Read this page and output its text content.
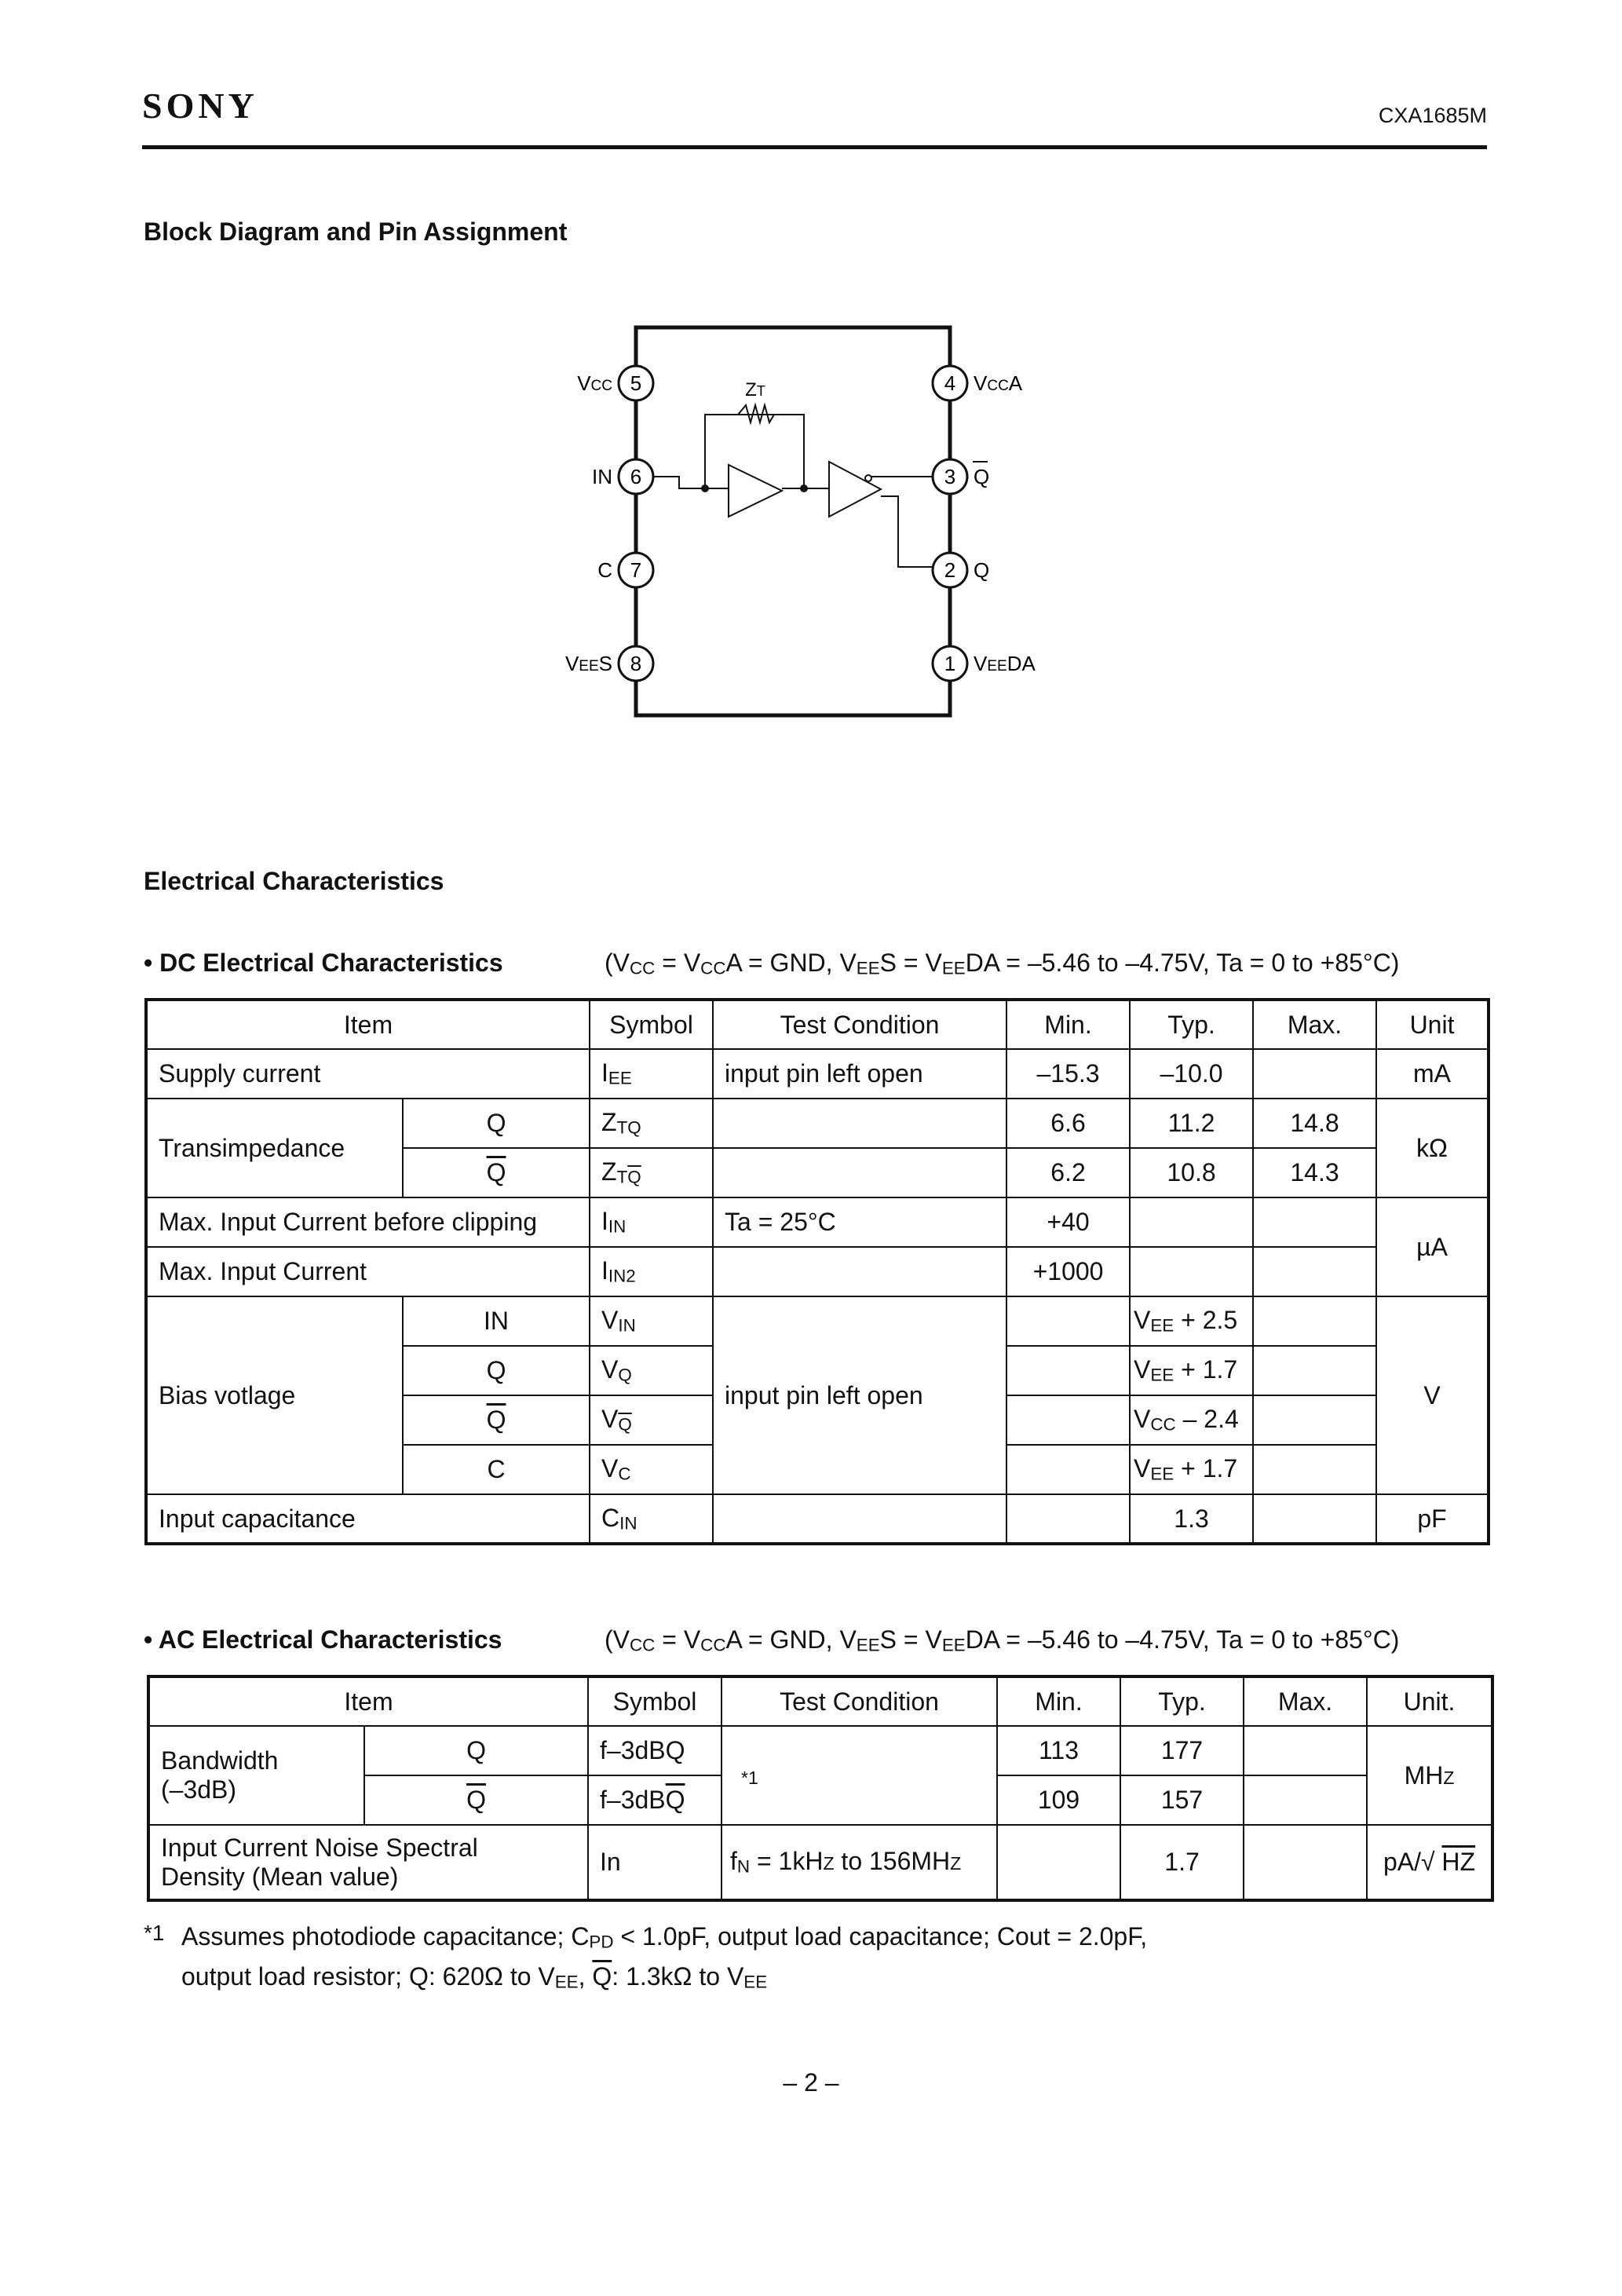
SONY	CXA1685M
Block Diagram and Pin Assignment
5
VCC
6
IN
7
C
8
VEES
4 VCCA
3 Q
2 Q
1 VEEDA
ZT
Electrical Characteristics
• DC Electrical Characteristics	($V_{CC} = V_{CC}A$ = GND, $V_{EE}S = V_{EE}DA = -5.46$ to –4.75V, Ta = 0 to +85°C)
Item		Symbol	Test Condition	Min.	Typ.	Max.	Unit
Supply current		$I_{EE}$	input pin left open	–15.3	–10.0		mA
Transimpedance	Q	$Z_{TQ}$		6.6	11.2	14.8	kΩ
	$\overline{Q}$	$Z_{T\overline{Q}}$		6.2	10.8	14.3	
Max. Input Current before clipping		$I_{IN}$	Ta = 25°C	+40			µA
Max. Input Current		$I_{IN2}$		+1000			
Bias votlage	IN	$V_{IN}$	input pin left open		$V_{EE} + 2.5$		V
	Q	$V_Q$			$V_{EE} + 1.7$		
	$\overline{Q}$	$V_{\overline{Q}}$			$V_{CC} - 2.4$		
	C	$V_C$			$V_{EE} + 1.7$		
Input capacitance		$C_{IN}$			1.3		pF
• AC Electrical Characteristics	($V_{CC} = V_{CC}A$ = GND, $V_{EE}S = V_{EE}DA = -5.46$ to –4.75V, Ta = 0 to +85°C)
Item		Symbol	Test Condition	Min.	Typ.	Max.	Unit.

Bandwidth
(–3dB)	Q	f–3dBQ	*1	113	177		MHZ
	$\overline{Q}$	$f-3dB\overline{Q}$		109	157		

Input Current Noise Spectral
Density (Mean value)		In	$f_N = 1kHZ$ to 156MHZ		1.7		pA/√ HZ
*1 Assumes photodiode capacitance; $C_{PD} < 1.0pF$, output load capacitance; Cout = 2.0pF,
output load resistor; Q: 620Ω to $V_{EE}$, $\overline{Q}$: 1.3kΩ to $V_{EE}$
– 2 –
